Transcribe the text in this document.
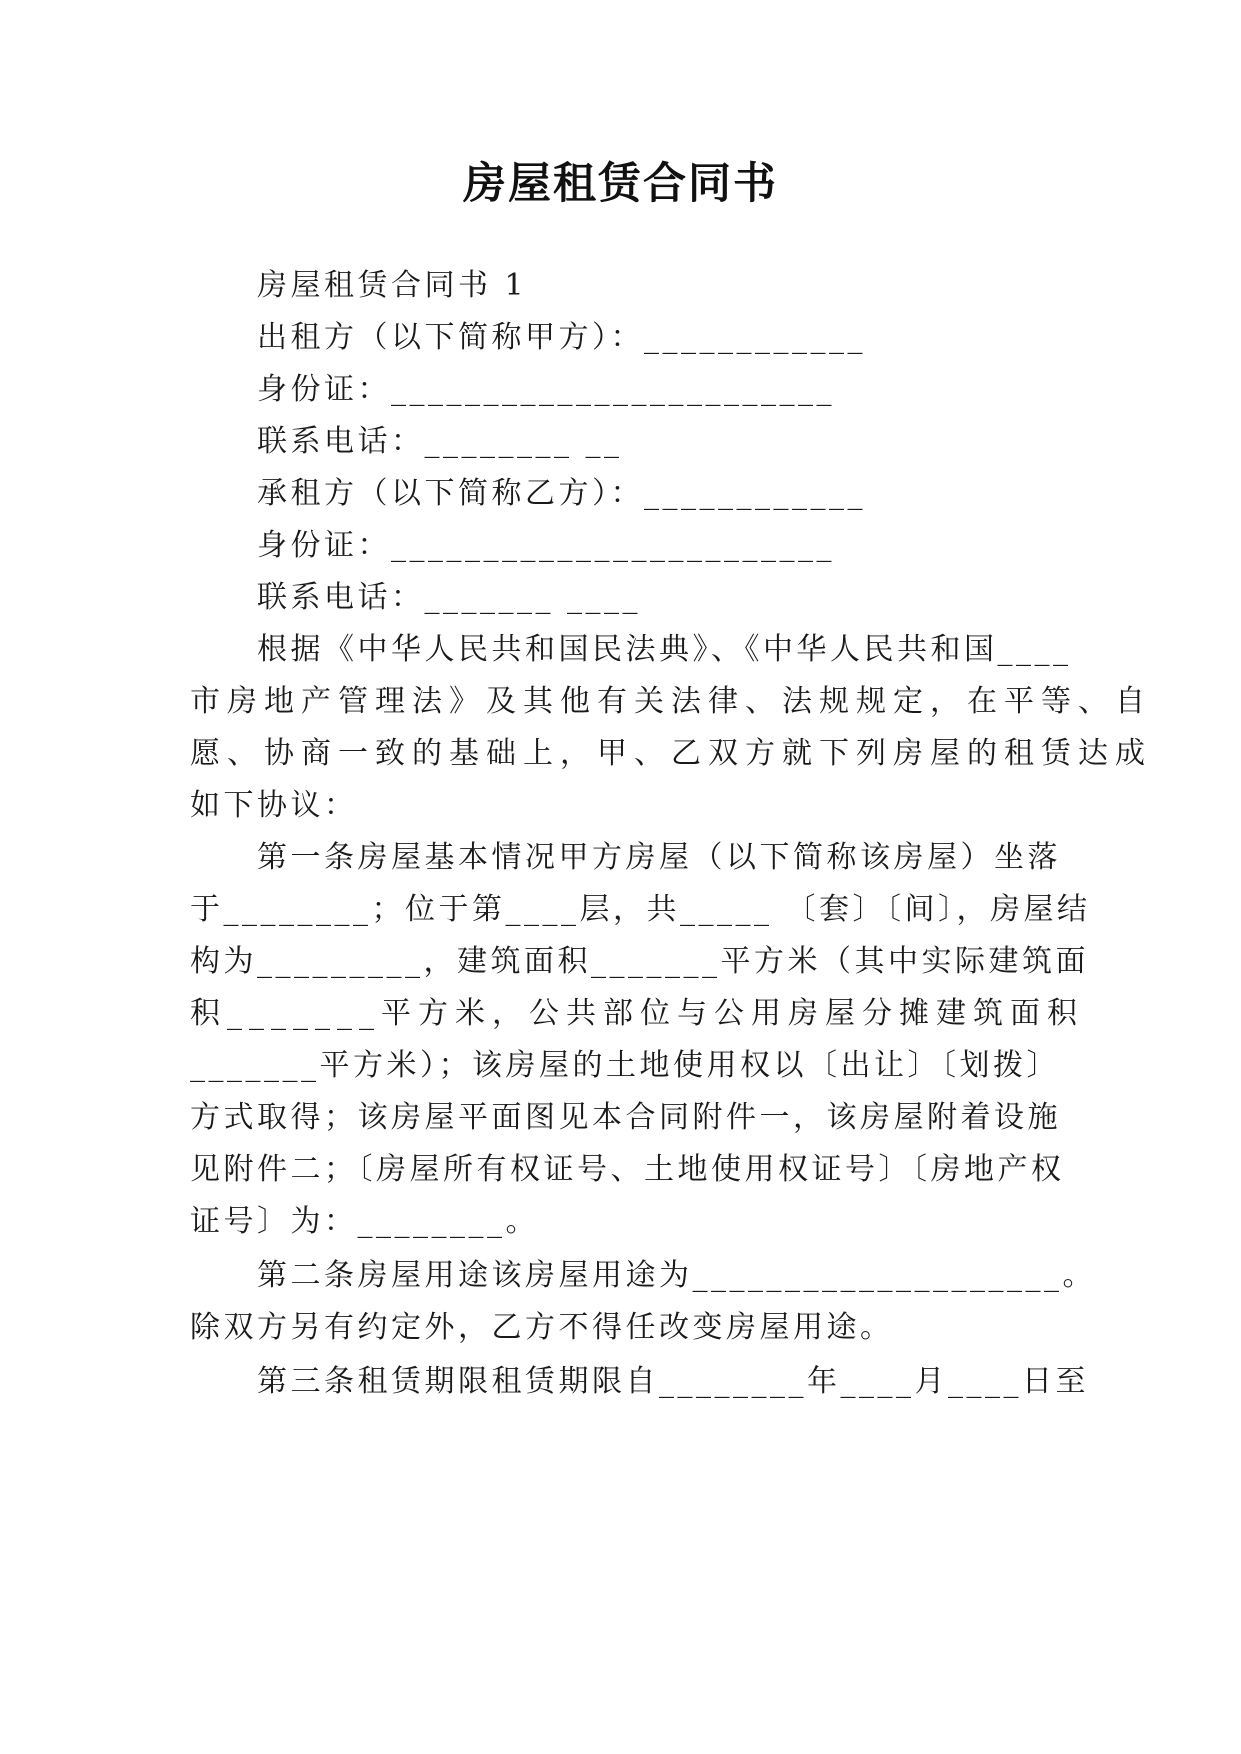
房屋租赁合同书
房屋租赁合同书 1
出租方（以下简称甲方）：____________
身份证：________________________
联系电话：________ __
承租方（以下简称乙方）：____________
身份证：________________________
联系电话：_______ ____
根据《中华人民共和国民法典》、《中华人民共和国____
市房地产管理法》及其他有关法律、法规规定，在平等、自
愿、协商一致的基础上，甲、乙双方就下列房屋的租赁达成
如下协议：
第一条房屋基本情况甲方房屋（以下简称该房屋）坐落
于________；位于第____层，共_____ 〔套〕〔间〕，房屋结
构为_________，建筑面积_______平方米（其中实际建筑面
积_______平方米，公共部位与公用房屋分摊建筑面积
_______平方米）；该房屋的土地使用权以〔出让〕〔划拨〕
方式取得；该房屋平面图见本合同附件一，该房屋附着设施
见附件二；〔房屋所有权证号、土地使用权证号〕〔房地产权
证号〕为：________。
第二条房屋用途该房屋用途为____________________。
除双方另有约定外，乙方不得任改变房屋用途。
第三条租赁期限租赁期限自________年____月____日至
